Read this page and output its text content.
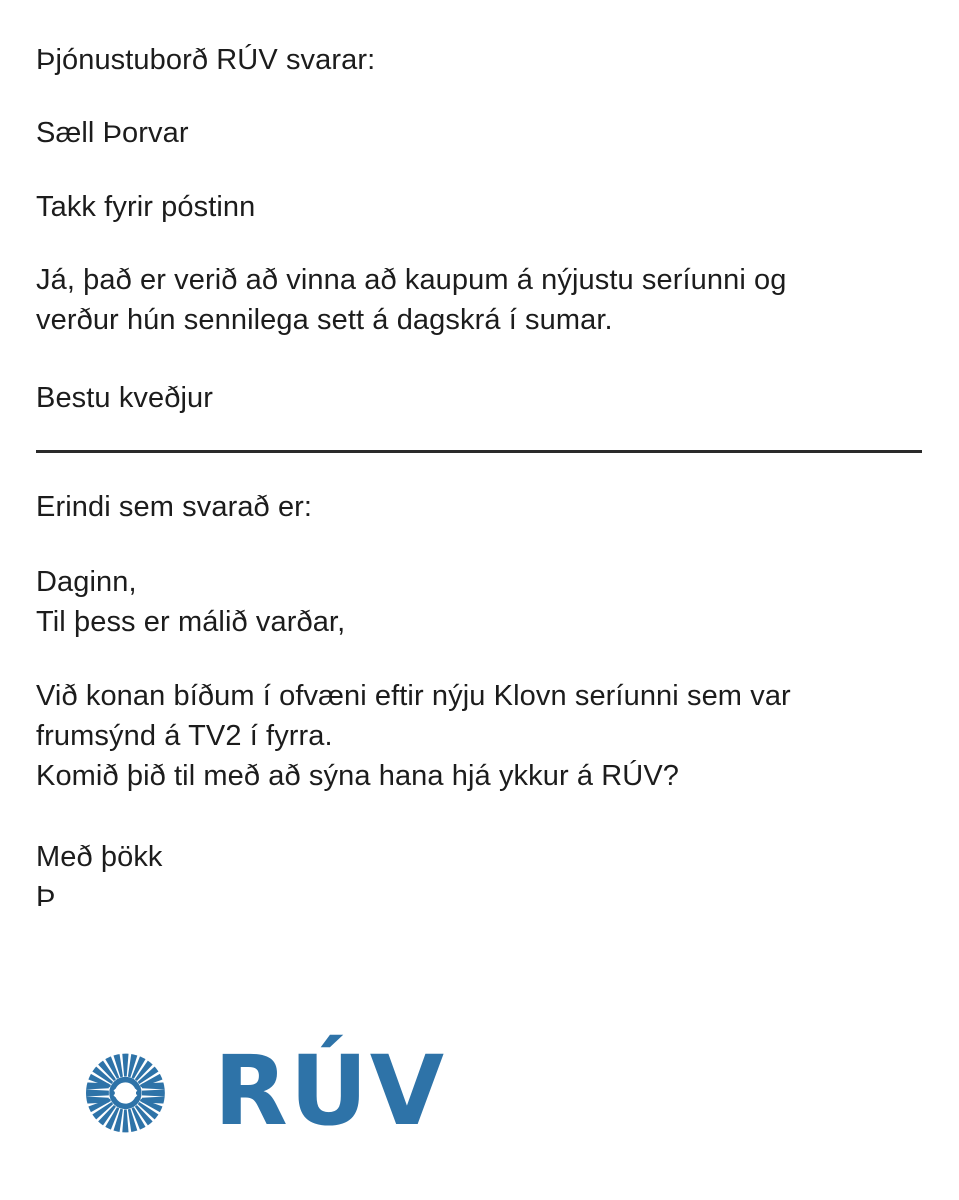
Þjónustuborð RÚV svarar:

Sæll Þorvar

Takk fyrir póstinn

Já, það er verið að vinna að kaupum á nýjustu seríunni og
verður hún sennilega sett á dagskrá í sumar.

Bestu kveðjur

Erindi sem svarað er:

Daginn,
Til þess er málið varðar,

Við konan bíðum í ofvæni eftir nýju Klovn seríunni sem var
frumsýnd á TV2 í fyrra.
Komið þið til með að sýna hana hjá ykkur á RÚV?

Með þökk
Þ

RÚV
